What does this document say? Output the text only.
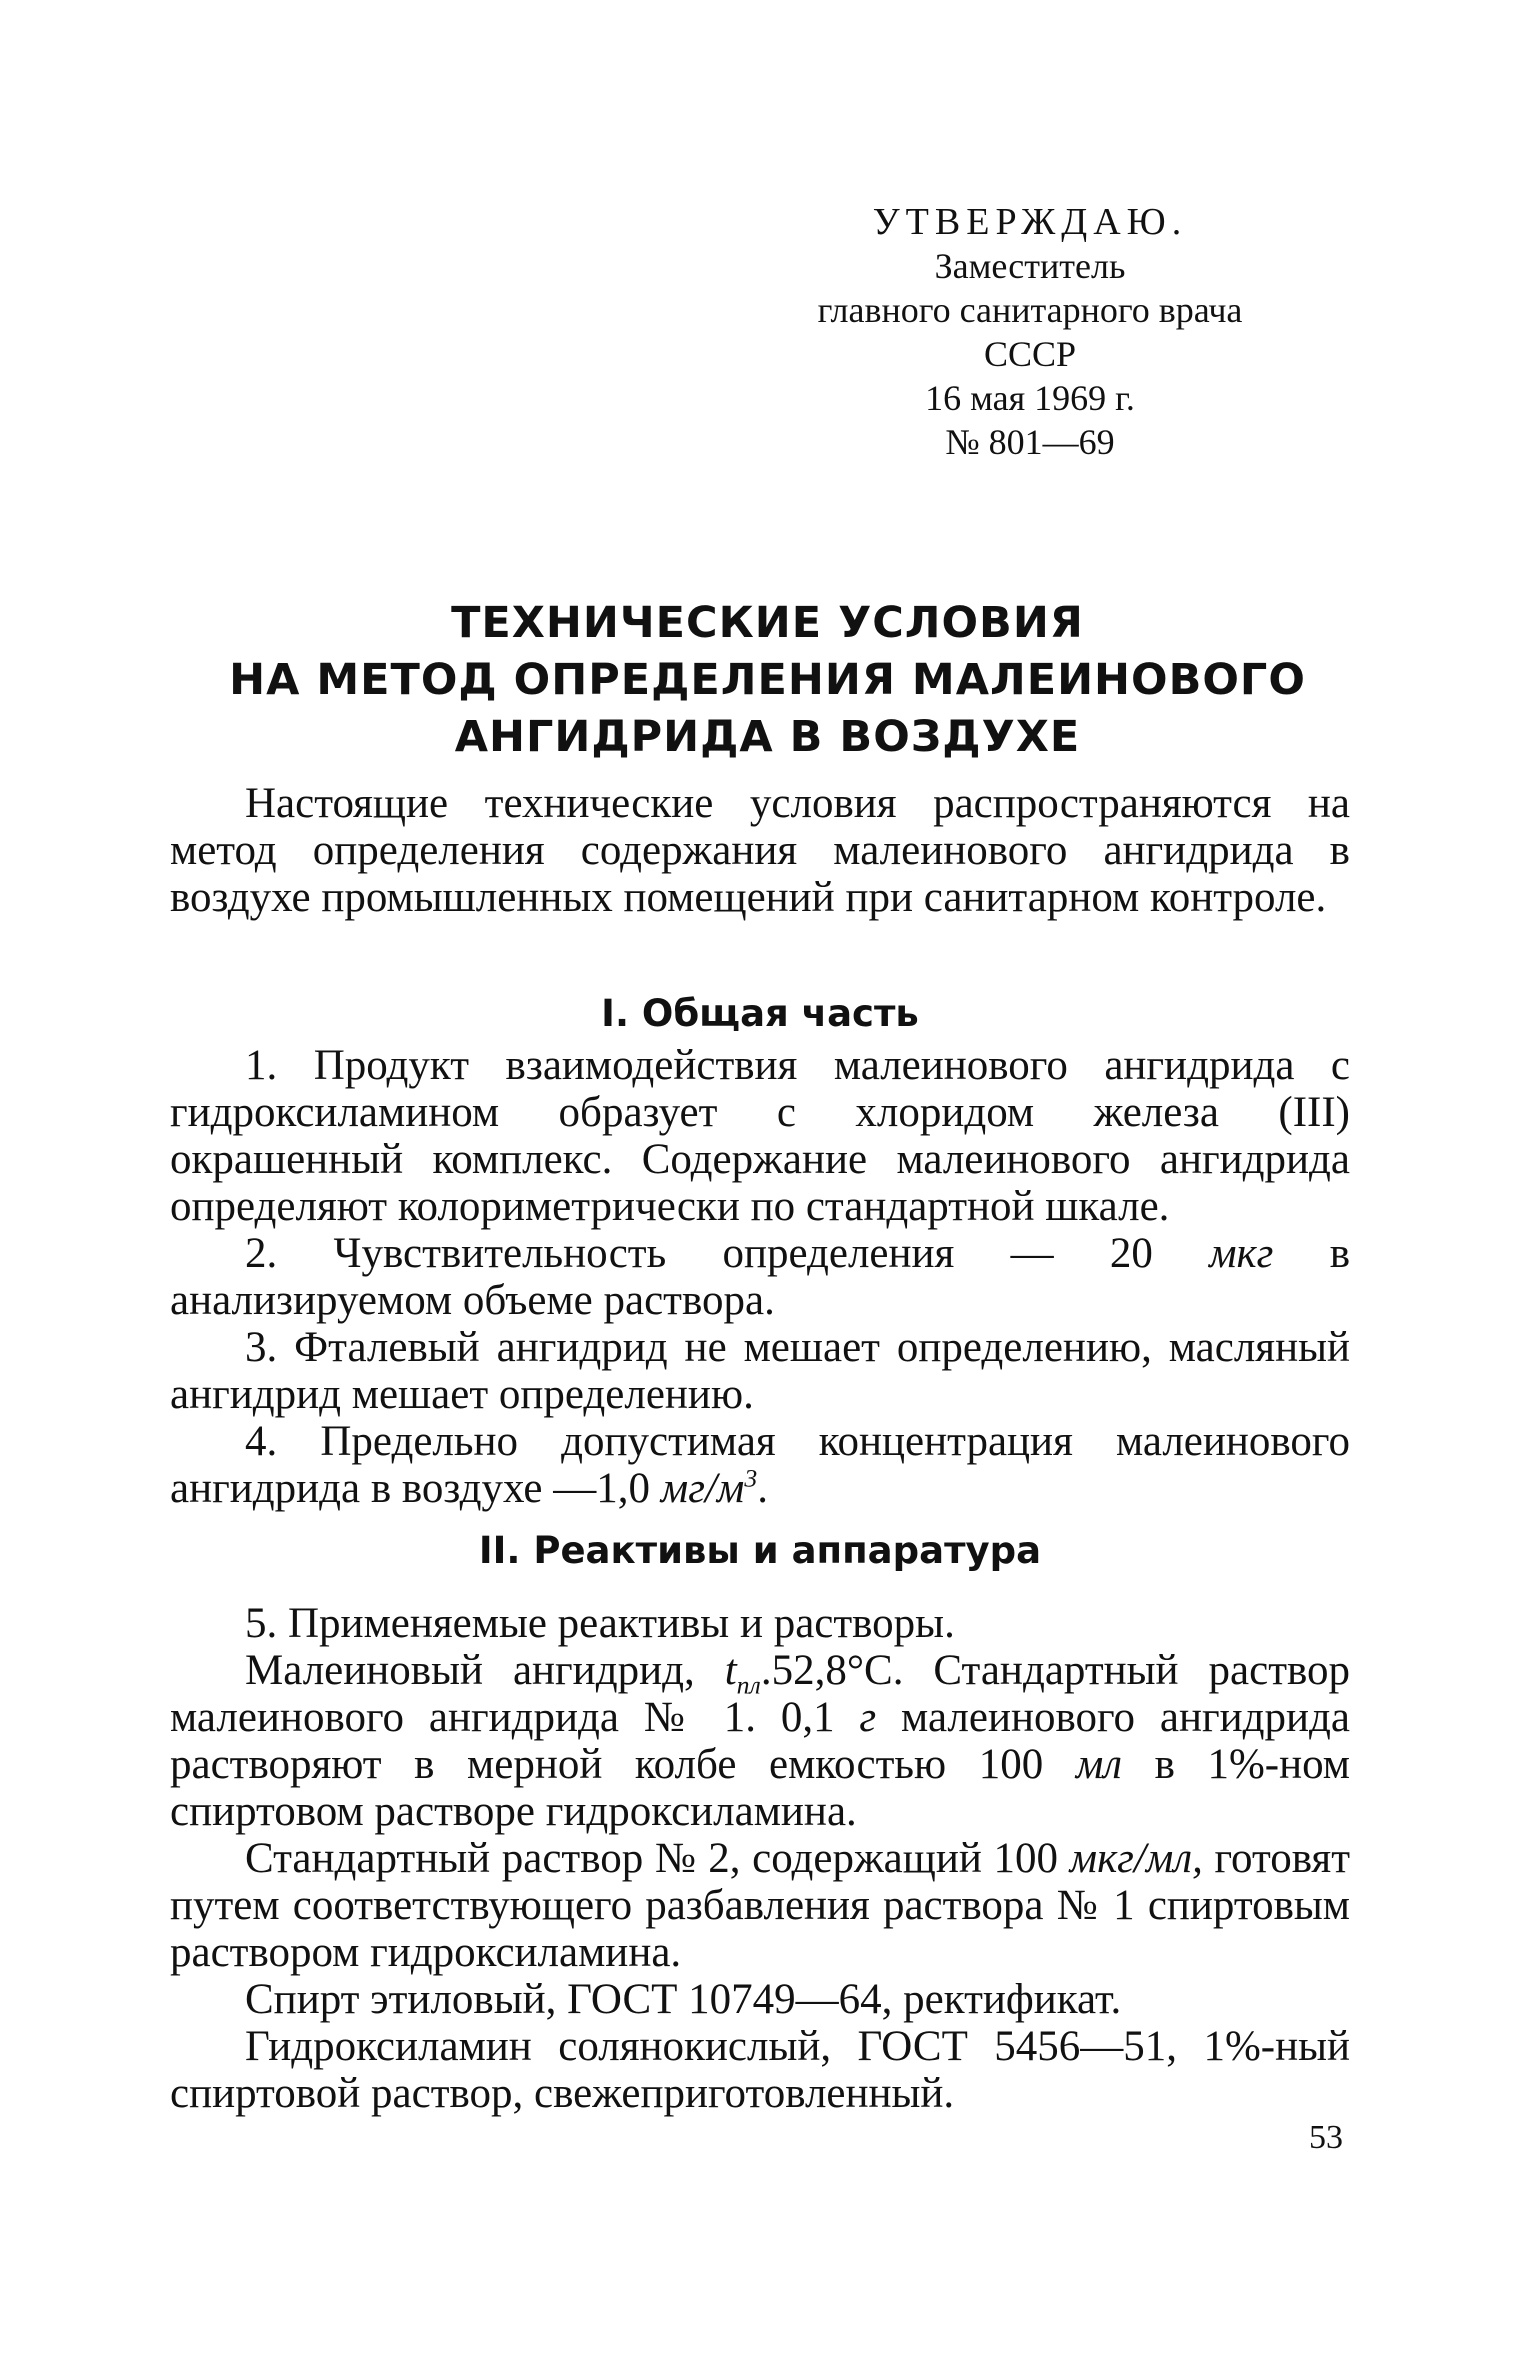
УТВЕРЖДАЮ.
Заместитель
главного санитарного врача
СССР
16 мая 1969 г.
№ 801—69
ТЕХНИЧЕСКИЕ УСЛОВИЯ
НА МЕТОД ОПРЕДЕЛЕНИЯ МАЛЕИНОВОГО
АНГИДРИДА В ВОЗДУХЕ

Настоящие технические условия распространяются на метод определения содержания малеинового ангидрида в воздухе промышленных помещений при санитарном контроле.

I. Общая часть

1. Продукт взаимодействия малеинового ангидрида с гидроксиламином образует с хлоридом железа (III) окрашенный комплекс. Содержание малеинового ангидрида определяют колориметрически по стандартной шкале.

2. Чувствительность определения — 20 мкг в анализируемом объеме раствора.

3. Фталевый ангидрид не мешает определению, масляный ангидрид мешает определению.

4. Предельно допустимая концентрация малеинового ангидрида в воздухе —1,0 $мг/м^3$.

II. Реактивы и аппаратура

5. Применяемые реактивы и растворы.

Малеиновый ангидрид, $t_{пл}.52,8^\circ С$. Стандартный раствор малеинового ангидрида № 1. 0,1 г малеинового ангидрида растворяют в мерной колбе емкостью 100 мл в 1%-ном спиртовом растворе гидроксиламина.

Стандартный раствор № 2, содержащий 100 мкг/мл, готовят путем соответствующего разбавления раствора № 1 спиртовым раствором гидроксиламина.

Спирт этиловый, ГОСТ 10749—64, ректификат.

Гидроксиламин солянокислый, ГОСТ 5456—51, 1%-ный спиртовой раствор, свежеприготовленный.

53
